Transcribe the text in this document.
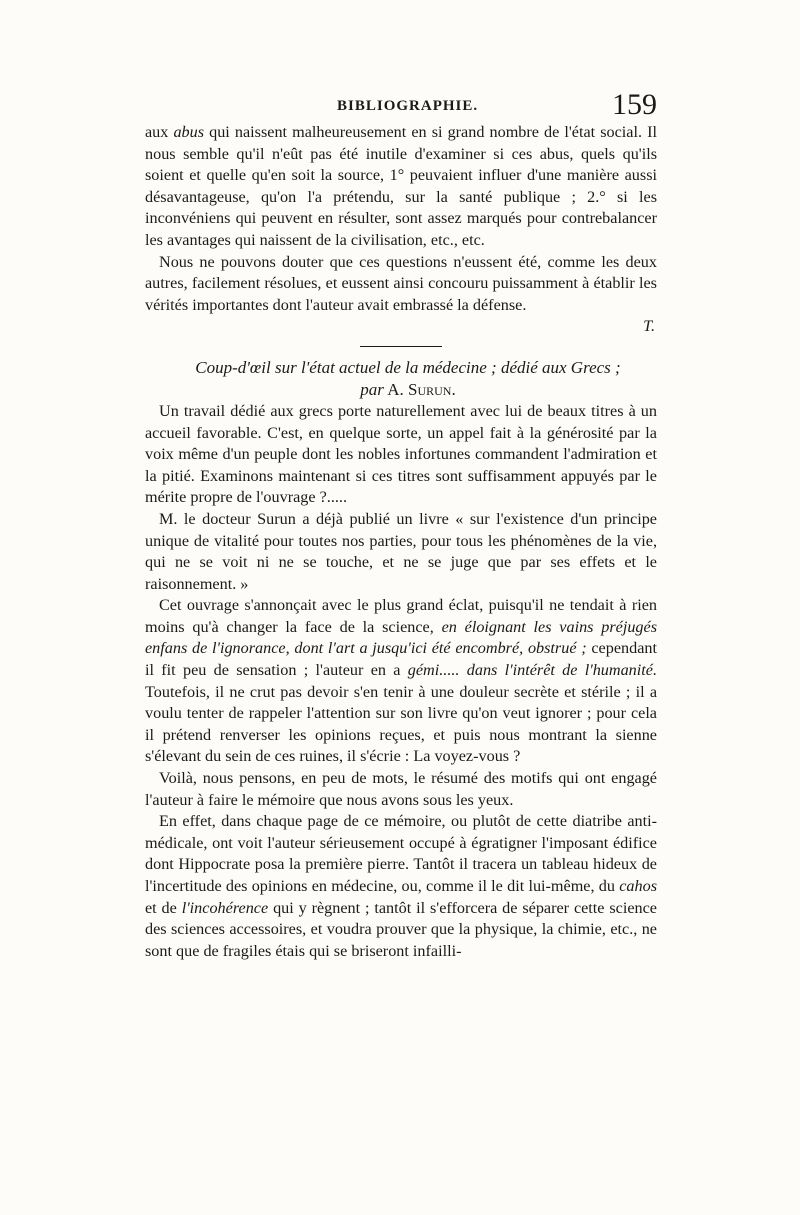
BIBLIOGRAPHIE.	159

aux abus qui naissent malheureusement en si grand nombre de l'état social. Il nous semble qu'il n'eût pas été inutile d'examiner si ces abus, quels qu'ils soient et quelle qu'en soit la source, 1° peuvaient influer d'une manière aussi désavantageuse, qu'on l'a prétendu, sur la santé publique ; 2.° si les inconvéniens qui peuvent en résulter, sont assez marqués pour contrebalancer les avantages qui naissent de la civilisation, etc., etc.

Nous ne pouvons douter que ces questions n'eussent été, comme les deux autres, facilement résolues, et eussent ainsi concouru puissamment à établir les vérités importantes dont l'auteur avait embrassé la défense.

T.

Coup-d'œil sur l'état actuel de la médecine ; dédié aux Grecs ;

par A. Surun.

Un travail dédié aux grecs porte naturellement avec lui de beaux titres à un accueil favorable. C'est, en quelque sorte, un appel fait à la générosité par la voix même d'un peuple dont les nobles infortunes commandent l'admiration et la pitié. Examinons maintenant si ces titres sont suffisamment appuyés par le mérite propre de l'ouvrage ?.....

M. le docteur Surun a déjà publié un livre « sur l'existence d'un principe unique de vitalité pour toutes nos parties, pour tous les phénomènes de la vie, qui ne se voit ni ne se touche, et ne se juge que par ses effets et le raisonnement. »

Cet ouvrage s'annonçait avec le plus grand éclat, puisqu'il ne tendait à rien moins qu'à changer la face de la science, en éloignant les vains préjugés enfans de l'ignorance, dont l'art a jusqu'ici été encombré, obstrué ; cependant il fit peu de sensation ; l'auteur en a gémi..... dans l'intérêt de l'humanité. Toutefois, il ne crut pas devoir s'en tenir à une douleur secrète et stérile ; il a voulu tenter de rappeler l'attention sur son livre qu'on veut ignorer ; pour cela il prétend renverser les opinions reçues, et puis nous montrant la sienne s'élevant du sein de ces ruines, il s'écrie : La voyez-vous ?

Voilà, nous pensons, en peu de mots, le résumé des motifs qui ont engagé l'auteur à faire le mémoire que nous avons sous les yeux.

En effet, dans chaque page de ce mémoire, ou plutôt de cette diatribe anti-médicale, ont voit l'auteur sérieusement occupé à égratigner l'imposant édifice dont Hippocrate posa la première pierre. Tantôt il tracera un tableau hideux de l'incertitude des opinions en médecine, ou, comme il le dit lui-même, du cahos et de l'incohérence qui y règnent ; tantôt il s'efforcera de séparer cette science des sciences accessoires, et voudra prouver que la physique, la chimie, etc., ne sont que de fragiles étais qui se briseront infailli-
